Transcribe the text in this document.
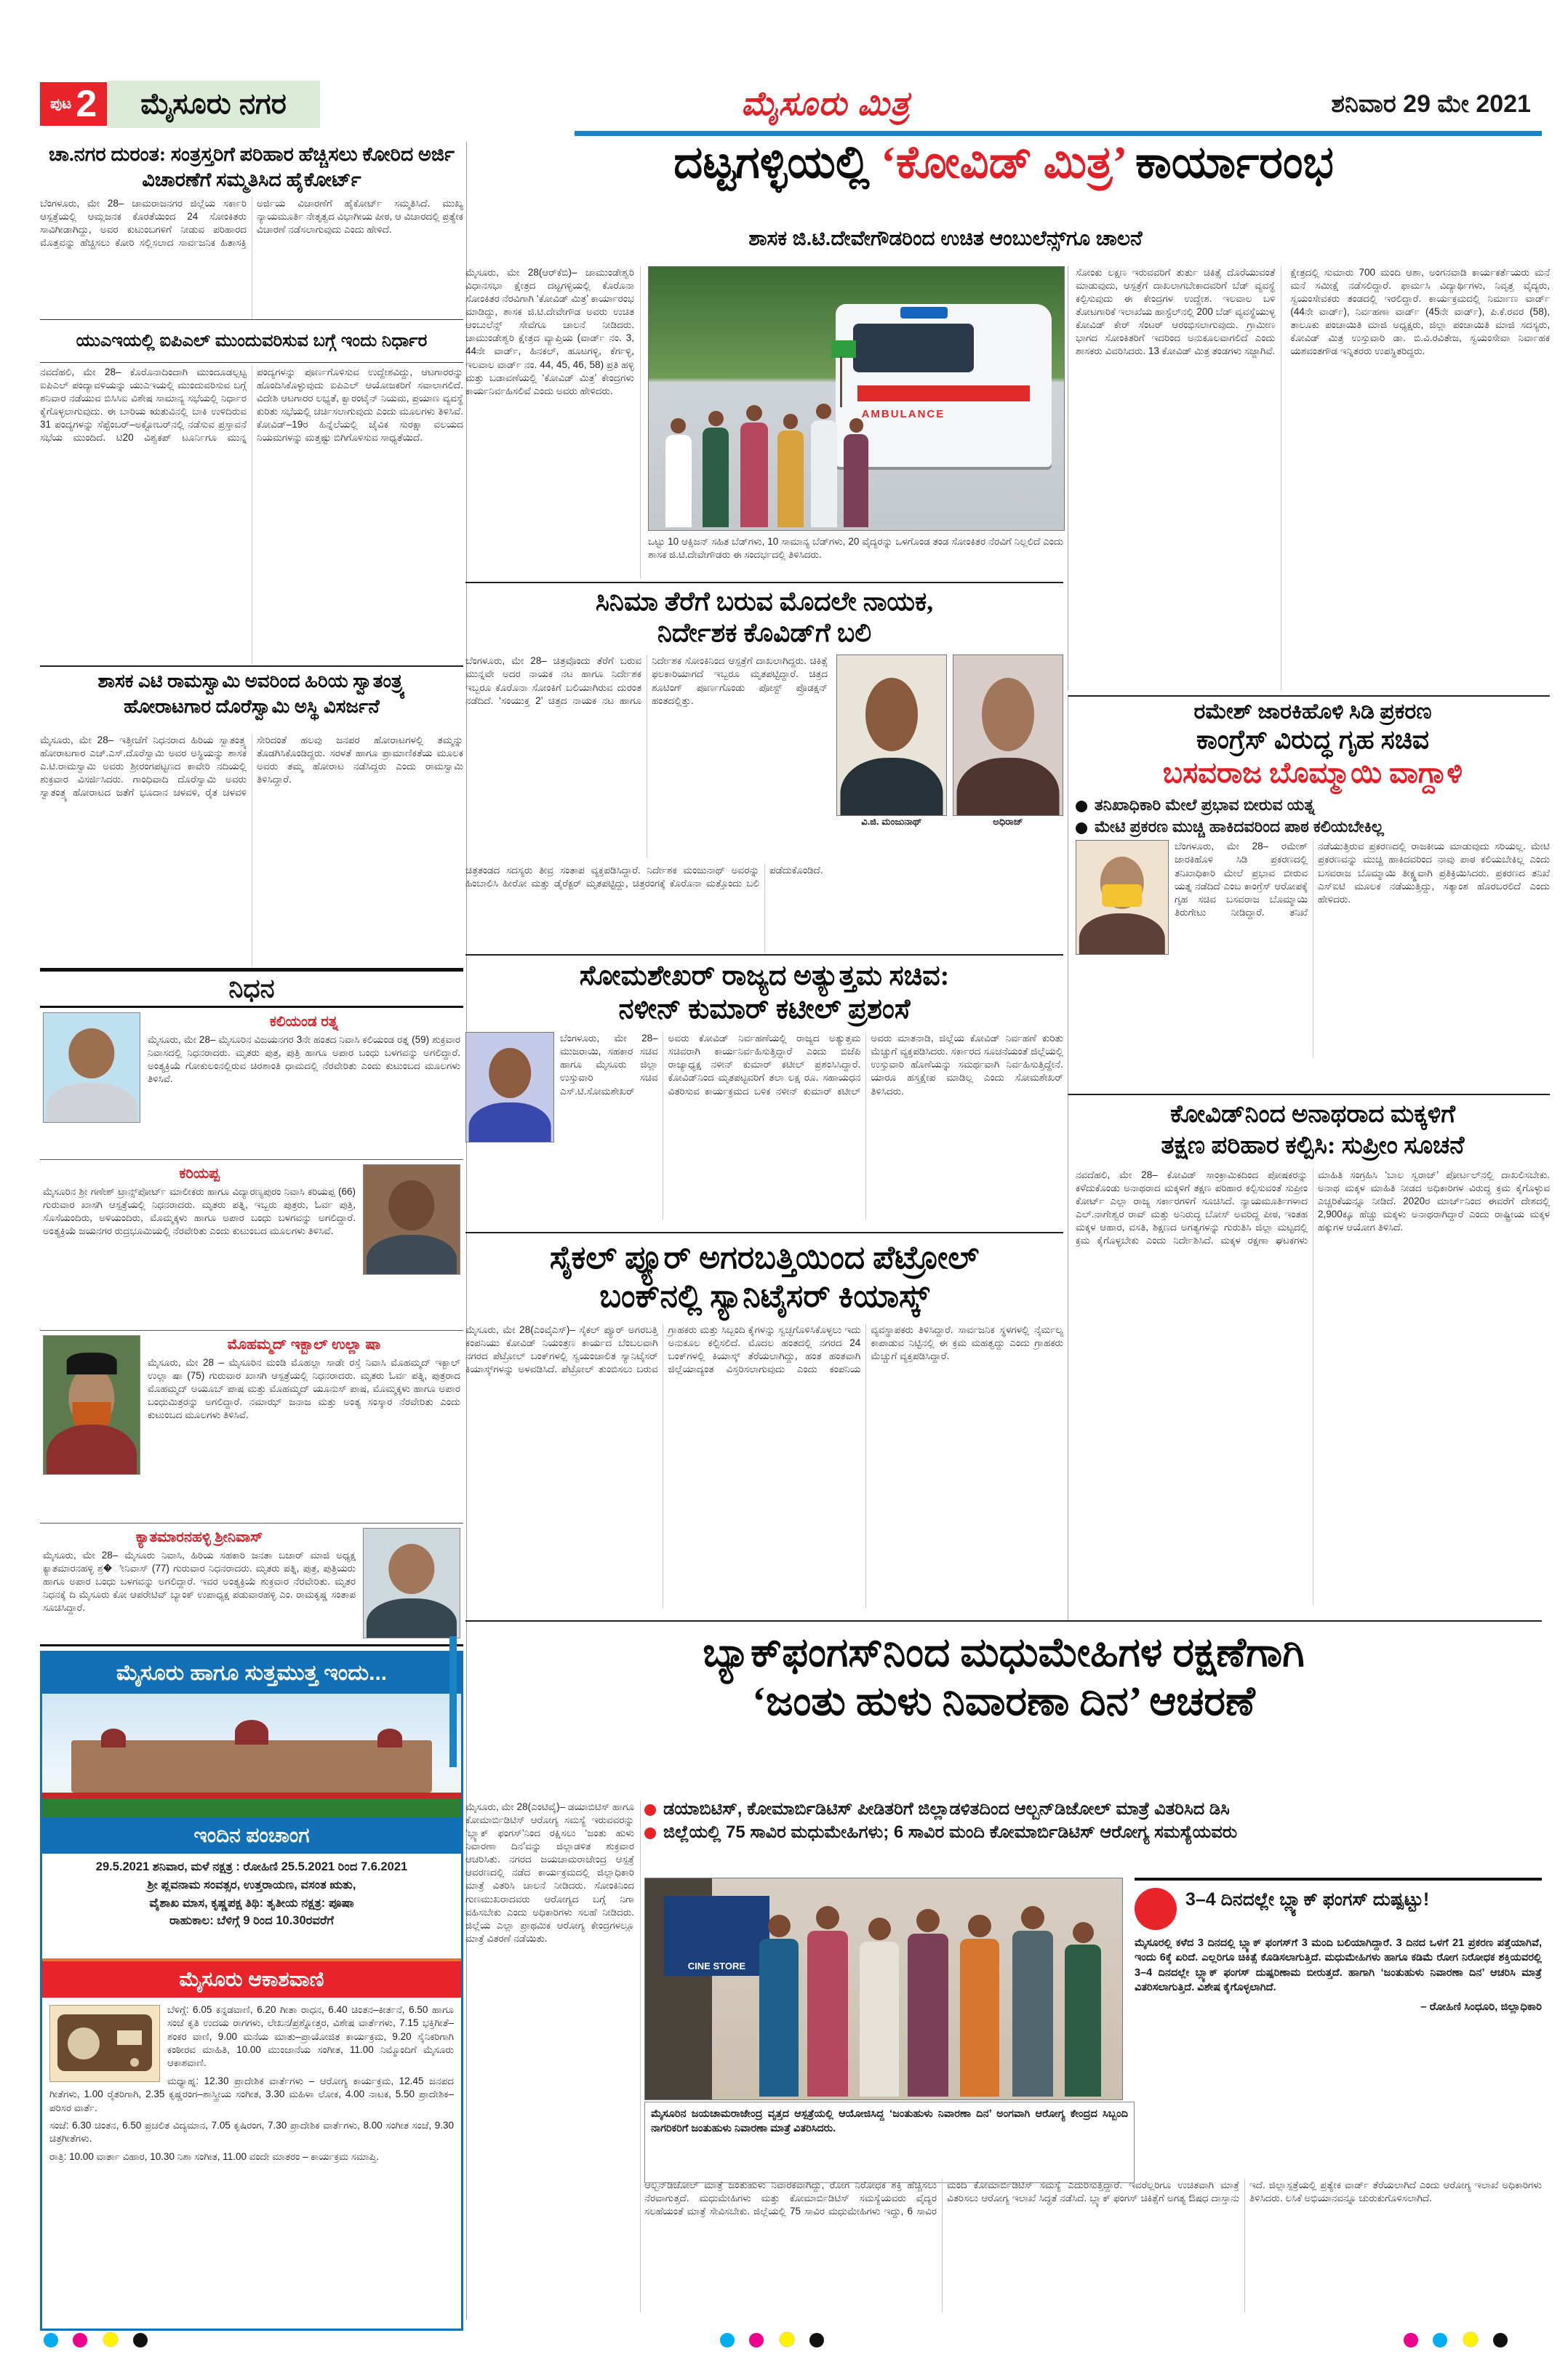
ಪುಟ 2	ಮೈಸೂರು ನಗರ	ಮೈಸೂರು ಮಿತ್ರ	ಶನಿವಾರ 29 ಮೇ 2021
ಚಾ.ನಗರ ದುರಂತ: ಸಂತ್ರಸ್ತರಿಗೆ ಪರಿಹಾರ ಹೆಚ್ಚಿಸಲು ಕೋರಿದ ಅರ್ಜಿ ವಿಚಾರಣೆಗೆ ಸಮ್ಮತಿಸಿದ ಹೈಕೋರ್ಟ್
ಬೆಂಗಳೂರು, ಮೇ 28– ಚಾಮರಾಜನಗರ ಜಿಲ್ಲೆಯ ಸರ್ಕಾರಿ ಆಸ್ಪತ್ರೆಯಲ್ಲಿ ಆಮ್ಲಜನಕ ಕೊರತೆಯಿಂದ 24 ಸೋಂಕಿತರು ಸಾವಿಗೀಡಾಗಿದ್ದು, ಅವರ ಕುಟುಂಬಗಳಿಗೆ ನೀಡುವ ಪರಿಹಾರದ ಮೊತ್ತವನ್ನು ಹೆಚ್ಚಿಸಲು ಕೋರಿ ಸಲ್ಲಿಸಲಾದ ಸಾರ್ವಜನಿಕ ಹಿತಾಸಕ್ತಿ ಅರ್ಜಿಯ ವಿಚಾರಣೆಗೆ ಹೈಕೋರ್ಟ್ ಸಮ್ಮತಿಸಿದೆ. ಮುಖ್ಯ ನ್ಯಾಯಮೂರ್ತಿ ನೇತೃತ್ವದ ವಿಭಾಗೀಯ ಪೀಠ, ಆ ವಿಚಾರದಲ್ಲಿ ಪ್ರತ್ಯೇಕ ವಿಚಾರಣೆ ನಡೆಸಲಾಗುವುದು ಎಂದು ಹೇಳಿದೆ.
ಯುಎಇಯಲ್ಲಿ ಐಪಿಎಲ್ ಮುಂದುವರಿಸುವ ಬಗ್ಗೆ ಇಂದು ನಿರ್ಧಾರ
ನವದೆಹಲಿ, ಮೇ 28– ಕೊರೊನಾದಿಂದಾಗಿ ಮುಂದೂಡಲ್ಪಟ್ಟ ಐಪಿಎಲ್ ಪಂದ್ಯಾವಳಿಯನ್ನು ಯುಎಇಯಲ್ಲಿ ಮುಂದುವರಿಸುವ ಬಗ್ಗೆ ಶನಿವಾರ ನಡೆಯುವ ಬಿಸಿಸಿಐ ವಿಶೇಷ ಸಾಮಾನ್ಯ ಸಭೆಯಲ್ಲಿ ನಿರ್ಧಾರ ಕೈಗೊಳ್ಳಲಾಗುವುದು. ಈ ಬಾರಿಯ ಋತುವಿನಲ್ಲಿ ಬಾಕಿ ಉಳಿದಿರುವ 31 ಪಂದ್ಯಗಳನ್ನು ಸೆಪ್ಟೆಂಬರ್–ಅಕ್ಟೋಬರ್‌ನಲ್ಲಿ ನಡೆಸುವ ಪ್ರಸ್ತಾವನೆ ಸಭೆಯ ಮುಂದಿದೆ. ಟಿ20 ವಿಶ್ವಕಪ್ ಟೂರ್ನಿಗೂ ಮುನ್ನ ಪಂದ್ಯಗಳನ್ನು ಪೂರ್ಣಗೊಳಿಸುವ ಉದ್ದೇಶವಿದ್ದು, ಆಟಗಾರರನ್ನು ಹೊಂದಿಸಿಕೊಳ್ಳುವುದು ಐಪಿಎಲ್ ಆಯೋಜಕರಿಗೆ ಸವಾಲಾಗಲಿದೆ. ವಿದೇಶಿ ಆಟಗಾರರ ಲಭ್ಯತೆ, ಕ್ವಾರಂಟೈನ್ ನಿಯಮ, ಪ್ರಯಾಣ ವ್ಯವಸ್ಥೆ ಕುರಿತು ಸಭೆಯಲ್ಲಿ ಚರ್ಚಿಸಲಾಗುವುದು ಎಂದು ಮೂಲಗಳು ತಿಳಿಸಿವೆ. ಕೋವಿಡ್–19ರ ಹಿನ್ನೆಲೆಯಲ್ಲಿ ಜೈವಿಕ ಸುರಕ್ಷಾ ವಲಯದ ನಿಯಮಗಳನ್ನು ಮತ್ತಷ್ಟು ಬಿಗಿಗೊಳಿಸುವ ಸಾಧ್ಯತೆಯಿದೆ.
ಶಾಸಕ ಎಟಿ ರಾಮಸ್ವಾಮಿ ಅವರಿಂದ ಹಿರಿಯ ಸ್ವಾತಂತ್ರ್ಯ
ಹೋರಾಟಗಾರ ದೊರೆಸ್ವಾಮಿ ಅಸ್ಥಿ ವಿಸರ್ಜನೆ
ಮೈಸೂರು, ಮೇ 28– ಇತ್ತೀಚೆಗೆ ನಿಧನರಾದ ಹಿರಿಯ ಸ್ವಾತಂತ್ರ್ಯ ಹೋರಾಟಗಾರ ಎಚ್.ಎಸ್.ದೊರೆಸ್ವಾಮಿ ಅವರ ಅಸ್ಥಿಯನ್ನು ಶಾಸಕ ಎ.ಟಿ.ರಾಮಸ್ವಾಮಿ ಅವರು ಶ್ರೀರಂಗಪಟ್ಟಣದ ಕಾವೇರಿ ನದಿಯಲ್ಲಿ ಶುಕ್ರವಾರ ವಿಸರ್ಜಿಸಿದರು. ಗಾಂಧಿವಾದಿ ದೊರೆಸ್ವಾಮಿ ಅವರು ಸ್ವಾತಂತ್ರ್ಯ ಹೋರಾಟದ ಜತೆಗೆ ಭೂದಾನ ಚಳವಳಿ, ರೈತ ಚಳವಳಿ ಸೇರಿದಂತೆ ಹಲವು ಜನಪರ ಹೋರಾಟಗಳಲ್ಲಿ ತಮ್ಮನ್ನು ತೊಡಗಿಸಿಕೊಂಡಿದ್ದರು. ಸರಳತೆ ಹಾಗೂ ಪ್ರಾಮಾಣಿಕತೆಯ ಮೂಲಕ ಅವರು ತಮ್ಮ ಹೋರಾಟ ನಡೆಸಿದ್ದರು ಎಂದು ರಾಮಸ್ವಾಮಿ ತಿಳಿಸಿದ್ದಾರೆ.
ನಿಧನ
ಕಲಿಯಂಡ ರತ್ನ
ಮೈಸೂರು, ಮೇ 28– ಮೈಸೂರಿನ ವಿಜಯನಗರ 3ನೇ ಹಂತದ ನಿವಾಸಿ ಕಲಿಯಂಡ ರತ್ನ (59) ಶುಕ್ರವಾರ ನಿವಾಸದಲ್ಲಿ ನಿಧನರಾದರು. ಮೃತರು ಪುತ್ರ, ಪುತ್ರಿ ಹಾಗೂ ಅಪಾರ ಬಂಧು ಬಳಗವನ್ನು ಅಗಲಿದ್ದಾರೆ. ಅಂತ್ಯಕ್ರಿಯೆ ಗೋಕುಲಂನಲ್ಲಿರುವ ಚಿರಶಾಂತಿ ಧಾಮದಲ್ಲಿ ನೆರವೇರಿತು ಎಂದು ಕುಟುಂಬದ ಮೂಲಗಳು ತಿಳಿಸಿವೆ.
ಕರಿಯಪ್ಪ
ಮೈಸೂರಿನ ಶ್ರೀ ಗಣೇಶ್ ಟ್ರಾನ್ಸ್‌ಪೋರ್ಟ್ ಮಾಲೀಕರು ಹಾಗೂ ವಿದ್ಯಾರಣ್ಯಪುರಂ ನಿವಾಸಿ ಕರಿಯಪ್ಪ (66) ಗುರುವಾರ ಖಾಸಗಿ ಆಸ್ಪತ್ರೆಯಲ್ಲಿ ನಿಧನರಾದರು. ಮೃತರು ಪತ್ನಿ, ಇಬ್ಬರು ಪುತ್ರರು, ಓರ್ವ ಪುತ್ರಿ, ಸೊಸೆಯಂದಿರು, ಅಳಿಯಂದಿರು, ಮೊಮ್ಮಕ್ಕಳು ಹಾಗೂ ಅಪಾರ ಬಂಧು ಬಳಗವನ್ನು ಅಗಲಿದ್ದಾರೆ. ಅಂತ್ಯಕ್ರಿಯೆ ಜಯನಗರ ರುದ್ರಭೂಮಿಯಲ್ಲಿ ನೆರವೇರಿತು ಎಂದು ಕುಟುಂಬದ ಮೂಲಗಳು ತಿಳಿಸಿವೆ.
ಮೊಹಮ್ಮದ್ ಇಕ್ಬಾಲ್ ಉಲ್ಲಾ ಷಾ
ಮೈಸೂರು, ಮೇ 28 – ಮೈಸೂರಿನ ಮಂಡಿ ಮೊಹಲ್ಲಾ ಸಾಡೇ ರಸ್ತೆ ನಿವಾಸಿ ಮೊಹಮ್ಮದ್ ಇಕ್ಬಾಲ್ ಉಲ್ಲಾ ಷಾ (75) ಗುರುವಾರ ಖಾಸಗಿ ಆಸ್ಪತ್ರೆಯಲ್ಲಿ ನಿಧನರಾದರು. ಮೃತರು ಓರ್ವ ಪತ್ನಿ, ಪುತ್ರರಾದ ಮೊಹಮ್ಮದ್ ಅಯೂಬ್ ಪಾಷ ಮತ್ತು ಮೊಹಮ್ಮದ್ ಯೂನುಸ್ ಪಾಷ, ಮೊಮ್ಮಕ್ಕಳು ಹಾಗೂ ಅಪಾರ ಬಂಧುಮಿತ್ರರನ್ನು ಅಗಲಿದ್ದಾರೆ. ನಮಾಝ್ ಜನಾಜ ಮತ್ತು ಅಂತ್ಯ ಸಂಸ್ಕಾರ ನೆರವೇರಿತು ಎಂದು ಕುಟುಂಬದ ಮೂಲಗಳು ತಿಳಿಸಿವೆ.
ಕ್ಯಾತಮಾರನಹಳ್ಳಿ ಶ್ರೀನಿವಾಸ್
ಮೈಸೂರು, ಮೇ 28– ಮೈಸೂರು ನಿವಾಸಿ, ಹಿರಿಯ ಸಹಕಾರಿ ಜನತಾ ಬಜಾರ್ ಮಾಜಿ ಅಧ್ಯಕ್ಷ ಕ್ಯಾತಮಾರನಹಳ್ಳಿ ಶ್ರ�ೀನಿವಾಸ್ (77) ಗುರುವಾರ ನಿಧನರಾದರು. ಮೃತರು ಪತ್ನಿ, ಪುತ್ರ, ಪುತ್ರಿಯರು ಹಾಗೂ ಅಪಾರ ಬಂಧು ಬಳಗವನ್ನು ಅಗಲಿದ್ದಾರೆ. ಇವರ ಅಂತ್ಯಕ್ರಿಯೆ ಶುಕ್ರವಾರ ನೆರವೇರಿತು. ಮೃತರ ನಿಧನಕ್ಕೆ ದಿ ಮೈಸೂರು ಕೋ ಆಪರೇಟಿವ್ ಬ್ಯಾಂಕ್ ಉಪಾಧ್ಯಕ್ಷ ಪಡುವಾರಹಳ್ಳಿ ಎಂ. ರಾಮಕೃಷ್ಣ ಸಂತಾಪ ಸೂಚಿಸಿದ್ದಾರೆ.
ಮೈಸೂರು ಹಾಗೂ ಸುತ್ತಮುತ್ತ ಇಂದು...
ಇಂದಿನ ಪಂಚಾಂಗ
29.5.2021 ಶನಿವಾರ, ಮಳೆ ನಕ್ಷತ್ರ : ರೋಹಿಣಿ 25.5.2021 ರಿಂದ 7.6.2021
ಶ್ರೀ ಪ್ಲವನಾಮ ಸಂವತ್ಸರ, ಉತ್ತರಾಯಣ, ವಸಂತ ಋತು,
ವೈಶಾಖ ಮಾಸ, ಕೃಷ್ಣಪಕ್ಷ ತಿಥಿ: ತೃತೀಯ ನಕ್ಷತ್ರ: ಪೂಷಾ
ರಾಹುಕಾಲ: ಬೆಳಿಗ್ಗೆ 9 ರಿಂದ 10.30ರವರೆಗೆ
ಮೈಸೂರು ಆಕಾಶವಾಣಿ

ಬೆಳಿಗ್ಗೆ: 6.05 ಕನ್ನಡವಾಣಿ, 6.20 ಗೀತಾ ರಾಧನ, 6.40 ಚಿಂತನ–ಕೀರ್ತನೆ, 6.50 ಹಾಗೂ ಸಂಜೆ ಕೃತಿ ಉದಯ ರಾಗಗಳು, ಲೇಖನ/ಪ್ರಶ್ನೋತ್ತರ, ವಿಶೇಷ ವಾರ್ತೆಗಳು, 7.15 ಭಕ್ತಿಗೀತೆ–ಶಂಕರ ವಾಣಿ, 9.00 ಮನೆಯ ಮಾತು–ಪ್ರಾಯೋಜಿತ ಕಾರ್ಯಕ್ರಮ, 9.20 ಸೈನಿಕರಿಗಾಗಿ ಕಂಠೀರವ ಮಾಹಿತಿ, 10.00 ಮುಂಜಾನೆಯ ಸಂಗೀತ, 11.00 ನಿಮ್ಮೊಂದಿಗೆ ಮೈಸೂರು ಆಕಾಶವಾಣಿ.

ಮಧ್ಯಾಹ್ನ: 12.30 ಪ್ರಾದೇಶಿಕ ವಾರ್ತೆಗಳು – ಆರೋಗ್ಯ ಕಾರ್ಯಕ್ರಮ, 12.45 ಜನಪದ ಗೀತೆಗಳು, 1.00 ರೈತರಿಗಾಗಿ, 2.35 ಕೃಷ್ಣರಂಗ–ಶಾಸ್ತ್ರೀಯ ಸಂಗೀತ, 3.30 ಮಹಿಳಾ ಲೋಕ, 4.00 ನಾಟಕ, 5.50 ಪ್ರಾದೇಶಿಕ–ಪರಿಸರ ವಾರ್ತೆ.

ಸಂಜೆ: 6.30 ಚಿಂತನ, 6.50 ಪ್ರಚಲಿತ ವಿದ್ಯಮಾನ, 7.05 ಕೃಷಿರಂಗ, 7.30 ಪ್ರಾದೇಶಿಕ ವಾರ್ತೆಗಳು, 8.00 ಸಂಗೀತ ಸಂಜೆ, 9.30 ಚಿತ್ರಗೀತೆಗಳು.

ರಾತ್ರಿ: 10.00 ವಾರ್ತಾ ವಿಹಾರ, 10.30 ನಿಶಾ ಸಂಗೀತ, 11.00 ವಂದೇ ಮಾತರಂ – ಕಾರ್ಯಕ್ರಮ ಸಮಾಪ್ತಿ.

ದಟ್ಟಗಳ್ಳಿಯಲ್ಲಿ ‘ಕೋವಿಡ್ ಮಿತ್ರ’ ಕಾರ್ಯಾರಂಭ
ಶಾಸಕ ಜಿ.ಟಿ.ದೇವೇಗೌಡರಿಂದ ಉಚಿತ ಆಂಬುಲೆನ್ಸ್‌ಗೂ ಚಾಲನೆ
ಮೈಸೂರು, ಮೇ 28(ಆರ್‌ಕೆಬಿ)– ಚಾಮುಂಡೇಶ್ವರಿ ವಿಧಾನಸಭಾ ಕ್ಷೇತ್ರದ ದಟ್ಟಗಳ್ಳಿಯಲ್ಲಿ ಕೊರೊನಾ ಸೋಂಕಿತರ ನೆರವಿಗಾಗಿ ‘ಕೋವಿಡ್ ಮಿತ್ರ’ ಕಾರ್ಯಾರಂಭ ಮಾಡಿದ್ದು, ಶಾಸಕ ಜಿ.ಟಿ.ದೇವೇಗೌಡ ಅವರು ಉಚಿತ ಆಂಬುಲೆನ್ಸ್ ಸೇವೆಗೂ ಚಾಲನೆ ನೀಡಿದರು. ಚಾಮುಂಡೇಶ್ವರಿ ಕ್ಷೇತ್ರದ ವ್ಯಾಪ್ತಿಯ (ವಾರ್ಡ್ ನಂ. 3, 44ನೇ ವಾರ್ಡ್, ಹಿನಕಲ್, ಹೂಟಗಳ್ಳಿ, ಕೆರ್ಗಳ್ಳಿ, ಇಲವಾಲ ವಾರ್ಡ್ ನಂ. 44, 45, 46, 58) ಪ್ರತಿ ಹಳ್ಳಿ ಮತ್ತು ಬಡಾವಣೆಯಲ್ಲಿ ‘ಕೋವಿಡ್ ಮಿತ್ರ’ ಕೇಂದ್ರಗಳು ಕಾರ್ಯನಿರ್ವಹಿಸಲಿವೆ ಎಂದು ಅವರು ಹೇಳಿದರು.
AMBULANCE
ಒಟ್ಟು 10 ಆಕ್ಸಿಜನ್ ಸಹಿತ ಬೆಡ್‌ಗಳು, 10 ಸಾಮಾನ್ಯ ಬೆಡ್‌ಗಳು, 20 ವೈದ್ಯರನ್ನು ಒಳಗೊಂಡ ತಂಡ ಸೋಂಕಿತರ ನೆರವಿಗೆ ನಿಲ್ಲಲಿದೆ ಎಂದು ಶಾಸಕ ಜಿ.ಟಿ.ದೇವೇಗೌಡರು ಈ ಸಂದರ್ಭದಲ್ಲಿ ತಿಳಿಸಿದರು.
ಸೋಂಕು ಲಕ್ಷಣ ಇರುವವರಿಗೆ ತುರ್ತು ಚಿಕಿತ್ಸೆ ದೊರೆಯುವಂತೆ ಮಾಡುವುದು, ಆಸ್ಪತ್ರೆಗೆ ದಾಖಲಾಗಬೇಕಾದವರಿಗೆ ಬೆಡ್ ವ್ಯವಸ್ಥೆ ಕಲ್ಪಿಸುವುದು ಈ ಕೇಂದ್ರಗಳ ಉದ್ದೇಶ. ಇಲವಾಲ ಬಳಿ ತೋಟಗಾರಿಕೆ ಇಲಾಖೆಯ ಹಾಸ್ಟೆಲ್‌ನಲ್ಲಿ 200 ಬೆಡ್ ವ್ಯವಸ್ಥೆಯುಳ್ಳ ಕೋವಿಡ್ ಕೇರ್ ಸೆಂಟರ್ ಆರಂಭಿಸಲಾಗುವುದು. ಗ್ರಾಮೀಣ ಭಾಗದ ಸೋಂಕಿತರಿಗೆ ಇದರಿಂದ ಅನುಕೂಲವಾಗಲಿದೆ ಎಂದು ಶಾಸಕರು ವಿವರಿಸಿದರು. 13 ಕೋವಿಡ್ ಮಿತ್ರ ತಂಡಗಳು ಸಜ್ಜಾಗಿವೆ.
ಕ್ಷೇತ್ರದಲ್ಲಿ ಸುಮಾರು 700 ಮಂದಿ ಆಶಾ, ಅಂಗನವಾಡಿ ಕಾರ್ಯಕರ್ತೆಯರು ಮನೆ ಮನೆ ಸಮೀಕ್ಷೆ ನಡೆಸಲಿದ್ದಾರೆ. ಫಾರ್ಮಸಿ ವಿದ್ಯಾರ್ಥಿಗಳು, ನಿವೃತ್ತ ವೈದ್ಯರು, ಸ್ವಯಂಸೇವಕರು ತಂಡದಲ್ಲಿ ಇರಲಿದ್ದಾರೆ. ಕಾರ್ಯಕ್ರಮದಲ್ಲಿ ನಿರ್ಮಾಣ ವಾರ್ಡ್ (44ನೇ ವಾರ್ಡ್), ನಿರ್ವಹಣಾ ವಾರ್ಡ್ (45ನೇ ವಾರ್ಡ್), ಪಿ.ಕೆ.ರವರ (58), ತಾಲೂಕು ಪಂಚಾಯಿತಿ ಮಾಜಿ ಅಧ್ಯಕ್ಷರು, ಜಿಲ್ಲಾ ಪಂಚಾಯಿತಿ ಮಾಜಿ ಸದಸ್ಯರು, ಕೋವಿಡ್ ಮಿತ್ರ ಉಸ್ತುವಾರಿ ಡಾ. ಬಿ.ವಿ.ರವಿತೇಜ, ಸ್ವಯಂಸೇವಾ ನಿರ್ವಾಹಕ ಯಶವಂತಗೌಡ ಇನ್ನಿತರರು ಉಪಸ್ಥಿತರಿದ್ದರು.
ಸಿನಿಮಾ ತೆರೆಗೆ ಬರುವ ಮೊದಲೇ ನಾಯಕ,
ನಿರ್ದೇಶಕ ಕೊವಿಡ್‌ಗೆ ಬಲಿ
ಬೆಂಗಳೂರು, ಮೇ 28– ಚಿತ್ರವೊಂದು ತೆರೆಗೆ ಬರುವ ಮುನ್ನವೇ ಅದರ ನಾಯಕ ನಟ ಹಾಗೂ ನಿರ್ದೇಶಕ ಇಬ್ಬರೂ ಕೊರೊನಾ ಸೋಂಕಿಗೆ ಬಲಿಯಾಗಿರುವ ದುರಂತ ನಡೆದಿದೆ. ‘ಸಂಯುಕ್ತ 2’ ಚಿತ್ರದ ನಾಯಕ ನಟ ಹಾಗೂ ನಿರ್ದೇಶಕ ಸೋಂಕಿನಿಂದ ಆಸ್ಪತ್ರೆಗೆ ದಾಖಲಾಗಿದ್ದರು. ಚಿಕಿತ್ಸೆ ಫಲಕಾರಿಯಾಗದೆ ಇಬ್ಬರೂ ಮೃತಪಟ್ಟಿದ್ದಾರೆ. ಚಿತ್ರದ ಶೂಟಿಂಗ್ ಪೂರ್ಣಗೊಂಡು ಪೋಸ್ಟ್ ಪ್ರೊಡಕ್ಷನ್ ಹಂತದಲ್ಲಿತ್ತು.
ವಿ.ಜಿ. ಮಂಜುನಾಥ್	ಅಧಿರಾಜ್
ಚಿತ್ರತಂಡದ ಸದಸ್ಯರು ತೀವ್ರ ಸಂತಾಪ ವ್ಯಕ್ತಪಡಿಸಿದ್ದಾರೆ. ನಿರ್ದೇಶಕ ಮಂಜುನಾಥ್ ಅವರನ್ನು ಹಿಂಬಾಲಿಸಿ ಹೀರೋ ಮತ್ತು ಡೈರೆಕ್ಟರ್ ಮೃತಪಟ್ಟಿದ್ದು, ಚಿತ್ರರಂಗಕ್ಕೆ ಕೊರೊನಾ ಮತ್ತೊಂದು ಬಲಿ ಪಡೆದುಕೊಂಡಿದೆ.
ಸೋಮಶೇಖರ್ ರಾಜ್ಯದ ಅತ್ಯುತ್ತಮ ಸಚಿವ:
ನಳೀನ್ ಕುಮಾರ್ ಕಟೀಲ್ ಪ್ರಶಂಸೆ
ಬೆಂಗಳೂರು, ಮೇ 28– ಮುಜರಾಯಿ, ಸಹಕಾರ ಸಚಿವ ಹಾಗೂ ಮೈಸೂರು ಜಿಲ್ಲಾ ಉಸ್ತುವಾರಿ ಸಚಿವ ಎಸ್.ಟಿ.ಸೋಮಶೇಖರ್ ಅವರು ಕೋವಿಡ್ ನಿರ್ವಹಣೆಯಲ್ಲಿ ರಾಜ್ಯದ ಅತ್ಯುತ್ತಮ ಸಚಿವರಾಗಿ ಕಾರ್ಯನಿರ್ವಹಿಸುತ್ತಿದ್ದಾರೆ ಎಂದು ಬಿಜೆಪಿ ರಾಜ್ಯಾಧ್ಯಕ್ಷ ನಳೀನ್ ಕುಮಾರ್ ಕಟೀಲ್ ಪ್ರಶಂಸಿಸಿದ್ದಾರೆ. ಕೋವಿಡ್‌ನಿಂದ ಮೃತಪಟ್ಟವರಿಗೆ ತಲಾ ಲಕ್ಷ ರೂ. ಸಹಾಯಧನ ವಿತರಿಸುವ ಕಾರ್ಯಕ್ರಮದ ಬಳಿಕ ನಳೀನ್ ಕುಮಾರ್ ಕಟೀಲ್ ಅವರು ಮಾತನಾಡಿ, ಜಿಲ್ಲೆಯ ಕೋವಿಡ್ ನಿರ್ವಹಣೆ ಕುರಿತು ಮೆಚ್ಚುಗೆ ವ್ಯಕ್ತಪಡಿಸಿದರು. ಸರ್ಕಾರದ ಸೂಚನೆಯಂತೆ ಜಿಲ್ಲೆಯಲ್ಲಿ ಉಸ್ತುವಾರಿ ಹೊಣೆಯನ್ನು ಸಮರ್ಥವಾಗಿ ನಿರ್ವಹಿಸುತ್ತಿದ್ದೇನೆ. ಯಾರೂ ಹಸ್ತಕ್ಷೇಪ ಮಾಡಿಲ್ಲ ಎಂದು ಸೋಮಶೇಖರ್ ತಿಳಿಸಿದರು.
ಸೈಕಲ್ ಪ್ಯೂರ್ ಅಗರಬತ್ತಿಯಿಂದ ಪೆಟ್ರೋಲ್
ಬಂಕ್‌ನಲ್ಲಿ ಸ್ಯಾನಿಟೈಸರ್ ಕಿಯಾಸ್ಕ್
ಮೈಸೂರು, ಮೇ 28(ಎಂವೈಎಸ್)– ಸೈಕಲ್ ಪ್ಯೂರ್ ಅಗರಬತ್ತಿ ಕಂಪನಿಯು ಕೋವಿಡ್ ನಿಯಂತ್ರಣ ಕಾರ್ಯದ ಬೆಂಬಲವಾಗಿ ನಗರದ ಪೆಟ್ರೋಲ್ ಬಂಕ್‌ಗಳಲ್ಲಿ ಸ್ವಯಂಚಾಲಿತ ಸ್ಯಾನಿಟೈಸರ್ ಕಿಯಾಸ್ಕ್‌ಗಳನ್ನು ಅಳವಡಿಸಿದೆ. ಪೆಟ್ರೋಲ್ ತುಂಬಿಸಲು ಬರುವ ಗ್ರಾಹಕರು ಮತ್ತು ಸಿಬ್ಬಂದಿ ಕೈಗಳನ್ನು ಸ್ವಚ್ಛಗೊಳಿಸಿಕೊಳ್ಳಲು ಇದು ಅನುಕೂಲ ಕಲ್ಪಿಸಲಿದೆ. ಮೊದಲ ಹಂತದಲ್ಲಿ ನಗರದ 24 ಬಂಕ್‌ಗಳಲ್ಲಿ ಕಿಯಾಸ್ಕ್ ತೆರೆಯಲಾಗಿದ್ದು, ಹಂತ ಹಂತವಾಗಿ ಜಿಲ್ಲೆಯಾದ್ಯಂತ ವಿಸ್ತರಿಸಲಾಗುವುದು ಎಂದು ಕಂಪನಿಯ ವ್ಯವಸ್ಥಾಪಕರು ತಿಳಿಸಿದ್ದಾರೆ. ಸಾರ್ವಜನಿಕ ಸ್ಥಳಗಳಲ್ಲಿ ನೈರ್ಮಲ್ಯ ಕಾಪಾಡುವ ನಿಟ್ಟಿನಲ್ಲಿ ಈ ಕ್ರಮ ಮಹತ್ವದ್ದು ಎಂದು ಗ್ರಾಹಕರು ಮೆಚ್ಚುಗೆ ವ್ಯಕ್ತಪಡಿಸಿದ್ದಾರೆ.
ರಮೇಶ್ ಜಾರಕಿಹೊಳಿ ಸಿಡಿ ಪ್ರಕರಣ
ಕಾಂಗ್ರೆಸ್ ವಿರುದ್ಧ ಗೃಹ ಸಚಿವ
ಬಸವರಾಜ ಬೊಮ್ಮಾಯಿ ವಾಗ್ದಾಳಿ
ತನಿಖಾಧಿಕಾರಿ ಮೇಲೆ ಪ್ರಭಾವ ಬೀರುವ ಯತ್ನ
ಮೇಟಿ ಪ್ರಕರಣ ಮುಚ್ಚಿ ಹಾಕಿದವರಿಂದ ಪಾಠ ಕಲಿಯಬೇಕಿಲ್ಲ
ಬೆಂಗಳೂರು, ಮೇ 28– ರಮೇಶ್ ಜಾರಕಿಹೊಳಿ ಸಿಡಿ ಪ್ರಕರಣದಲ್ಲಿ ತನಿಖಾಧಿಕಾರಿ ಮೇಲೆ ಪ್ರಭಾವ ಬೀರುವ ಯತ್ನ ನಡೆದಿದೆ ಎಂಬ ಕಾಂಗ್ರೆಸ್ ಆರೋಪಕ್ಕೆ ಗೃಹ ಸಚಿವ ಬಸವರಾಜ ಬೊಮ್ಮಾಯಿ ತಿರುಗೇಟು ನೀಡಿದ್ದಾರೆ. ತನಿಖೆ ನಡೆಯುತ್ತಿರುವ ಪ್ರಕರಣದಲ್ಲಿ ರಾಜಕೀಯ ಮಾಡುವುದು ಸರಿಯಲ್ಲ. ಮೇಟಿ ಪ್ರಕರಣವನ್ನು ಮುಚ್ಚಿ ಹಾಕಿದವರಿಂದ ನಾವು ಪಾಠ ಕಲಿಯಬೇಕಿಲ್ಲ ಎಂದು ಬಸವರಾಜ ಬೊಮ್ಮಾಯಿ ತೀಕ್ಷ್ಣವಾಗಿ ಪ್ರತಿಕ್ರಿಯಿಸಿದರು. ಪ್ರಕರಣದ ತನಿಖೆ ಎಸ್‌ಐಟಿ ಮೂಲಕ ನಡೆಯುತ್ತಿದ್ದು, ಸತ್ಯಾಂಶ ಹೊರಬರಲಿದೆ ಎಂದು ಹೇಳಿದರು.
ಕೋವಿಡ್‌ನಿಂದ ಅನಾಥರಾದ ಮಕ್ಕಳಿಗೆ
ತಕ್ಷಣ ಪರಿಹಾರ ಕಲ್ಪಿಸಿ: ಸುಪ್ರೀಂ ಸೂಚನೆ
ನವದೆಹಲಿ, ಮೇ 28– ಕೋವಿಡ್ ಸಾಂಕ್ರಾಮಿಕದಿಂದ ಪೋಷಕರನ್ನು ಕಳೆದುಕೊಂಡು ಅನಾಥರಾದ ಮಕ್ಕಳಿಗೆ ತಕ್ಷಣ ಪರಿಹಾರ ಕಲ್ಪಿಸುವಂತೆ ಸುಪ್ರೀಂ ಕೋರ್ಟ್ ಎಲ್ಲಾ ರಾಜ್ಯ ಸರ್ಕಾರಗಳಿಗೆ ಸೂಚಿಸಿದೆ. ನ್ಯಾಯಮೂರ್ತಿಗಳಾದ ಎಲ್.ನಾಗೇಶ್ವರ ರಾವ್ ಮತ್ತು ಅನಿರುದ್ಧ ಬೋಸ್ ಅವರಿದ್ದ ಪೀಠ, ಇಂತಹ ಮಕ್ಕಳ ಆಹಾರ, ವಸತಿ, ಶಿಕ್ಷಣದ ಅಗತ್ಯಗಳನ್ನು ಗುರುತಿಸಿ ಜಿಲ್ಲಾ ಮಟ್ಟದಲ್ಲಿ ಕ್ರಮ ಕೈಗೊಳ್ಳಬೇಕು ಎಂದು ನಿರ್ದೇಶಿಸಿದೆ. ಮಕ್ಕಳ ರಕ್ಷಣಾ ಘಟಕಗಳು ಮಾಹಿತಿ ಸಂಗ್ರಹಿಸಿ ‘ಬಾಲ ಸ್ವರಾಜ್’ ಪೋರ್ಟಲ್‌ನಲ್ಲಿ ದಾಖಲಿಸಬೇಕು. ಅನಾಥ ಮಕ್ಕಳ ಮಾಹಿತಿ ನೀಡದ ಅಧಿಕಾರಿಗಳ ವಿರುದ್ಧ ಕ್ರಮ ಕೈಗೊಳ್ಳುವ ಎಚ್ಚರಿಕೆಯನ್ನೂ ನೀಡಿದೆ. 2020ರ ಮಾರ್ಚ್‌ನಿಂದ ಈವರೆಗೆ ದೇಶದಲ್ಲಿ 2,900ಕ್ಕೂ ಹೆಚ್ಚು ಮಕ್ಕಳು ಅನಾಥರಾಗಿದ್ದಾರೆ ಎಂದು ರಾಷ್ಟ್ರೀಯ ಮಕ್ಕಳ ಹಕ್ಕುಗಳ ಆಯೋಗ ತಿಳಿಸಿದೆ.
ಬ್ಯಾಕ್‌ಫಂಗಸ್‌ನಿಂದ ಮಧುಮೇಹಿಗಳ ರಕ್ಷಣೆಗಾಗಿ
‘ಜಂತು ಹುಳು ನಿವಾರಣಾ ದಿನ’ ಆಚರಣೆ
ಮೈಸೂರು, ಮೇ 28(ಎಂಟಿವೈ)– ಡಯಾಬಿಟಿಸ್ ಹಾಗೂ ಕೋಮಾರ್ಬಿಡಿಟಿಸ್ ಆರೋಗ್ಯ ಸಮಸ್ಯೆ ಇರುವವರನ್ನು ‘ಬ್ಲ್ಯಾಕ್ ಫಂಗಸ್’ನಿಂದ ರಕ್ಷಿಸಲು ‘ಜಂತು ಹುಳು ನಿವಾರಣಾ ದಿನ’ವನ್ನು ಜಿಲ್ಲಾಡಳಿತ ಶುಕ್ರವಾರ ಆಚರಿಸಿತು. ನಗರದ ಜಯಚಾಮರಾಜೇಂದ್ರ ಆಸ್ಪತ್ರೆ ಆವರಣದಲ್ಲಿ ನಡೆದ ಕಾರ್ಯಕ್ರಮದಲ್ಲಿ ಜಿಲ್ಲಾಧಿಕಾರಿ ಮಾತ್ರೆ ವಿತರಿಸಿ ಚಾಲನೆ ನೀಡಿದರು. ಸೋಂಕಿನಿಂದ ಗುಣಮುಖರಾದವರು ಆರೋಗ್ಯದ ಬಗ್ಗೆ ನಿಗಾ ವಹಿಸಬೇಕು ಎಂದು ಅಧಿಕಾರಿಗಳು ಸಲಹೆ ನೀಡಿದರು. ಜಿಲ್ಲೆಯ ಎಲ್ಲಾ ಪ್ರಾಥಮಿಕ ಆರೋಗ್ಯ ಕೇಂದ್ರಗಳಲ್ಲೂ ಮಾತ್ರೆ ವಿತರಣೆ ನಡೆಯಿತು.
ಡಯಾಬಿಟಿಸ್, ಕೋಮಾರ್ಬಿಡಿಟಿಸ್ ಪೀಡಿತರಿಗೆ ಜಿಲ್ಲಾಡಳಿತದಿಂದ ಆಲ್ಬನ್‌ಡಿಜೋಲ್ ಮಾತ್ರೆ ವಿತರಿಸಿದ ಡಿಸಿ
ಜಿಲ್ಲೆಯಲ್ಲಿ 75 ಸಾವಿರ ಮಧುಮೇಹಿಗಳು; 6 ಸಾವಿರ ಮಂದಿ ಕೋಮಾರ್ಬಿಡಿಟಿಸ್ ಆರೋಗ್ಯ ಸಮಸ್ಯೆಯವರು
CINE STORE
ಮೈಸೂರಿನ ಜಯಚಾಮರಾಜೇಂದ್ರ ವೃತ್ತದ ಆಸ್ಪತ್ರೆಯಲ್ಲಿ ಆಯೋಜಿಸಿದ್ದ ‘ಜಂತುಹುಳು ನಿವಾರಣಾ ದಿನ’ ಅಂಗವಾಗಿ ಆರೋಗ್ಯ ಕೇಂದ್ರದ ಸಿಬ್ಬಂದಿ ನಾಗರಿಕರಿಗೆ ಜಂತುಹುಳು ನಿವಾರಣಾ ಮಾತ್ರೆ ವಿತರಿಸಿದರು.
3–4 ದಿನದಲ್ಲೇ ಬ್ಲ್ಯಾಕ್ ಫಂಗಸ್ ದುಷ್ಪಟ್ಟು!
ಮೈಸೂರಲ್ಲಿ ಕಳೆದ 3 ದಿನದಲ್ಲಿ ಬ್ಲ್ಯಾಕ್ ಫಂಗಸ್‌ಗೆ 3 ಮಂದಿ ಬಲಿಯಾಗಿದ್ದಾರೆ. 3 ದಿನದ ಒಳಗೆ 21 ಪ್ರಕರಣ ಪತ್ತೆಯಾಗಿವೆ, ಇಂದು 6ಕ್ಕೆ ಏರಿದೆ. ಎಲ್ಲರಿಗೂ ಚಿಕಿತ್ಸೆ ಕೊಡಿಸಲಾಗುತ್ತಿದೆ. ಮಧುಮೇಹಿಗಳು ಹಾಗೂ ಕಡಿಮೆ ರೋಗ ನಿರೋಧಕ ಶಕ್ತಿಯವರಲ್ಲಿ 3–4 ದಿನದಲ್ಲೇ ಬ್ಲ್ಯಾಕ್ ಫಂಗಸ್ ದುಷ್ಪರಿಣಾಮ ಬೀರುತ್ತದೆ. ಹಾಗಾಗಿ ‘ಜಂತುಹುಳು ನಿವಾರಣಾ ದಿನ’ ಆಚರಿಸಿ ಮಾತ್ರೆ ವಿತರಿಸಲಾಗುತ್ತಿದೆ. ವಿಶೇಷ ಕೈಗೊಳ್ಳಲಾಗಿದೆ.
– ರೋಹಿಣಿ ಸಿಂಧೂರಿ, ಜಿಲ್ಲಾಧಿಕಾರಿ
ಆಲ್ಬನ್‌ಡಿಜೋಲ್ ಮಾತ್ರೆ ಜಂತುಹುಳು ನಿವಾರಕವಾಗಿದ್ದು, ರೋಗ ನಿರೋಧಕ ಶಕ್ತಿ ಹೆಚ್ಚಿಸಲು ನೆರವಾಗುತ್ತದೆ. ಮಧುಮೇಹಿಗಳು ಮತ್ತು ಕೋಮಾರ್ಬಿಡಿಟಿಸ್ ಸಮಸ್ಯೆಯವರು ವೈದ್ಯರ ಸಲಹೆಯಂತೆ ಮಾತ್ರೆ ಸೇವಿಸಬೇಕು. ಜಿಲ್ಲೆಯಲ್ಲಿ 75 ಸಾವಿರ ಮಧುಮೇಹಿಗಳು ಇದ್ದು, 6 ಸಾವಿರ ಮಂದಿ ಕೋಮಾರ್ಬಿಡಿಟಿಸ್ ಸಮಸ್ಯೆ ಎದುರಿಸುತ್ತಿದ್ದಾರೆ. ಇವರೆಲ್ಲರಿಗೂ ಉಚಿತವಾಗಿ ಮಾತ್ರೆ ವಿತರಿಸಲು ಆರೋಗ್ಯ ಇಲಾಖೆ ಸಿದ್ಧತೆ ನಡೆಸಿದೆ. ಬ್ಲ್ಯಾಕ್ ಫಂಗಸ್ ಚಿಕಿತ್ಸೆಗೆ ಅಗತ್ಯ ಔಷಧ ದಾಸ್ತಾನು ಇದೆ. ಜಿಲ್ಲಾಸ್ಪತ್ರೆಯಲ್ಲಿ ಪ್ರತ್ಯೇಕ ವಾರ್ಡ್ ತೆರೆಯಲಾಗಿದೆ ಎಂದು ಆರೋಗ್ಯ ಇಲಾಖೆ ಅಧಿಕಾರಿಗಳು ತಿಳಿಸಿದರು. ಲಸಿಕೆ ಅಭಿಯಾನವನ್ನೂ ಚುರುಕುಗೊಳಿಸಲಾಗಿದೆ.
